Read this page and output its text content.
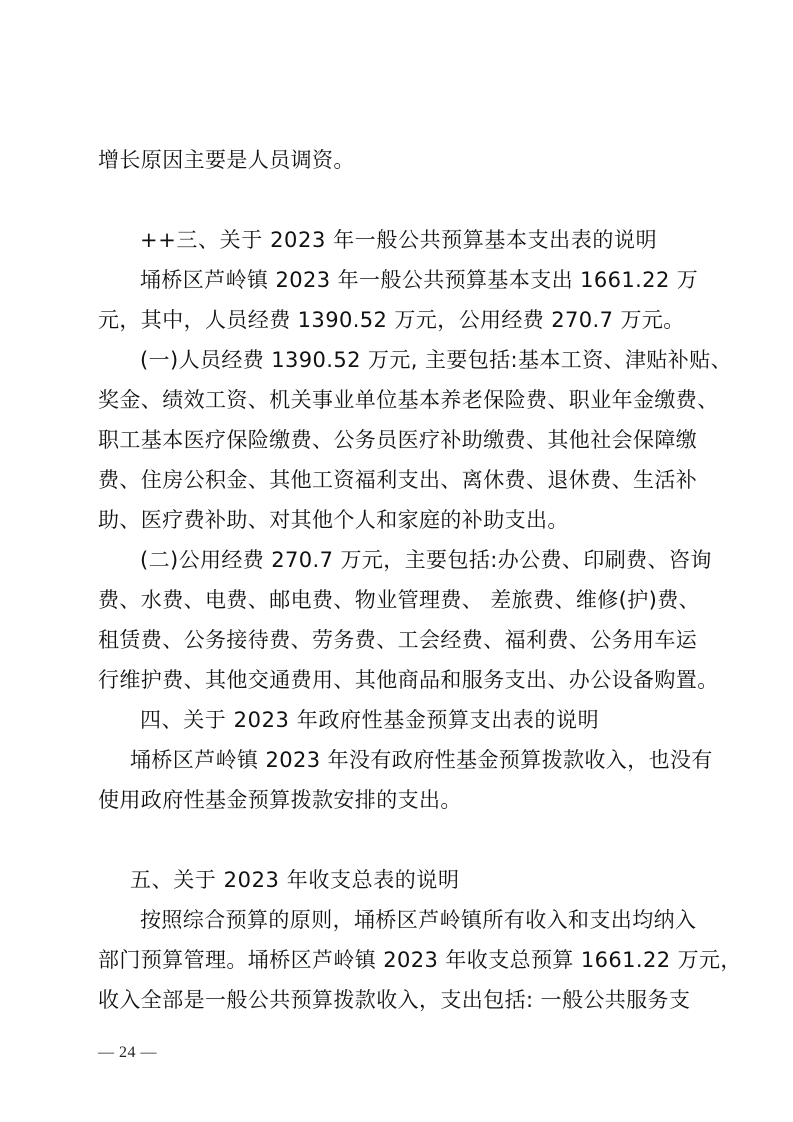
增长原因主要是人员调资。
++三、关于 2023 年一般公共预算基本支出表的说明
埇桥区芦岭镇 2023 年一般公共预算基本支出 1661.22 万
元，其中，人员经费 1390.52 万元，公用经费 270.7 万元。
(一)人员经费 1390.52 万元, 主要包括:基本工资、津贴补贴、
奖金、绩效工资、机关事业单位基本养老保险费、职业年金缴费、
职工基本医疗保险缴费、公务员医疗补助缴费、其他社会保障缴
费、住房公积金、其他工资福利支出、离休费、退休费、生活补
助、医疗费补助、对其他个人和家庭的补助支出。
(二)公用经费 270.7 万元，主要包括:办公费、印刷费、咨询
费、水费、电费、邮电费、物业管理费、 差旅费、维修(护)费、
租赁费、公务接待费、劳务费、工会经费、福利费、公务用车运
行维护费、其他交通费用、其他商品和服务支出、办公设备购置。
四、关于 2023 年政府性基金预算支出表的说明
埇桥区芦岭镇 2023 年没有政府性基金预算拨款收入，也没有
使用政府性基金预算拨款安排的支出。
五、关于 2023 年收支总表的说明
按照综合预算的原则，埇桥区芦岭镇所有收入和支出均纳入
部门预算管理。埇桥区芦岭镇 2023 年收支总预算 1661.22 万元，
收入全部是一般公共预算拨款收入，支出包括: 一般公共服务支
— 24 —
